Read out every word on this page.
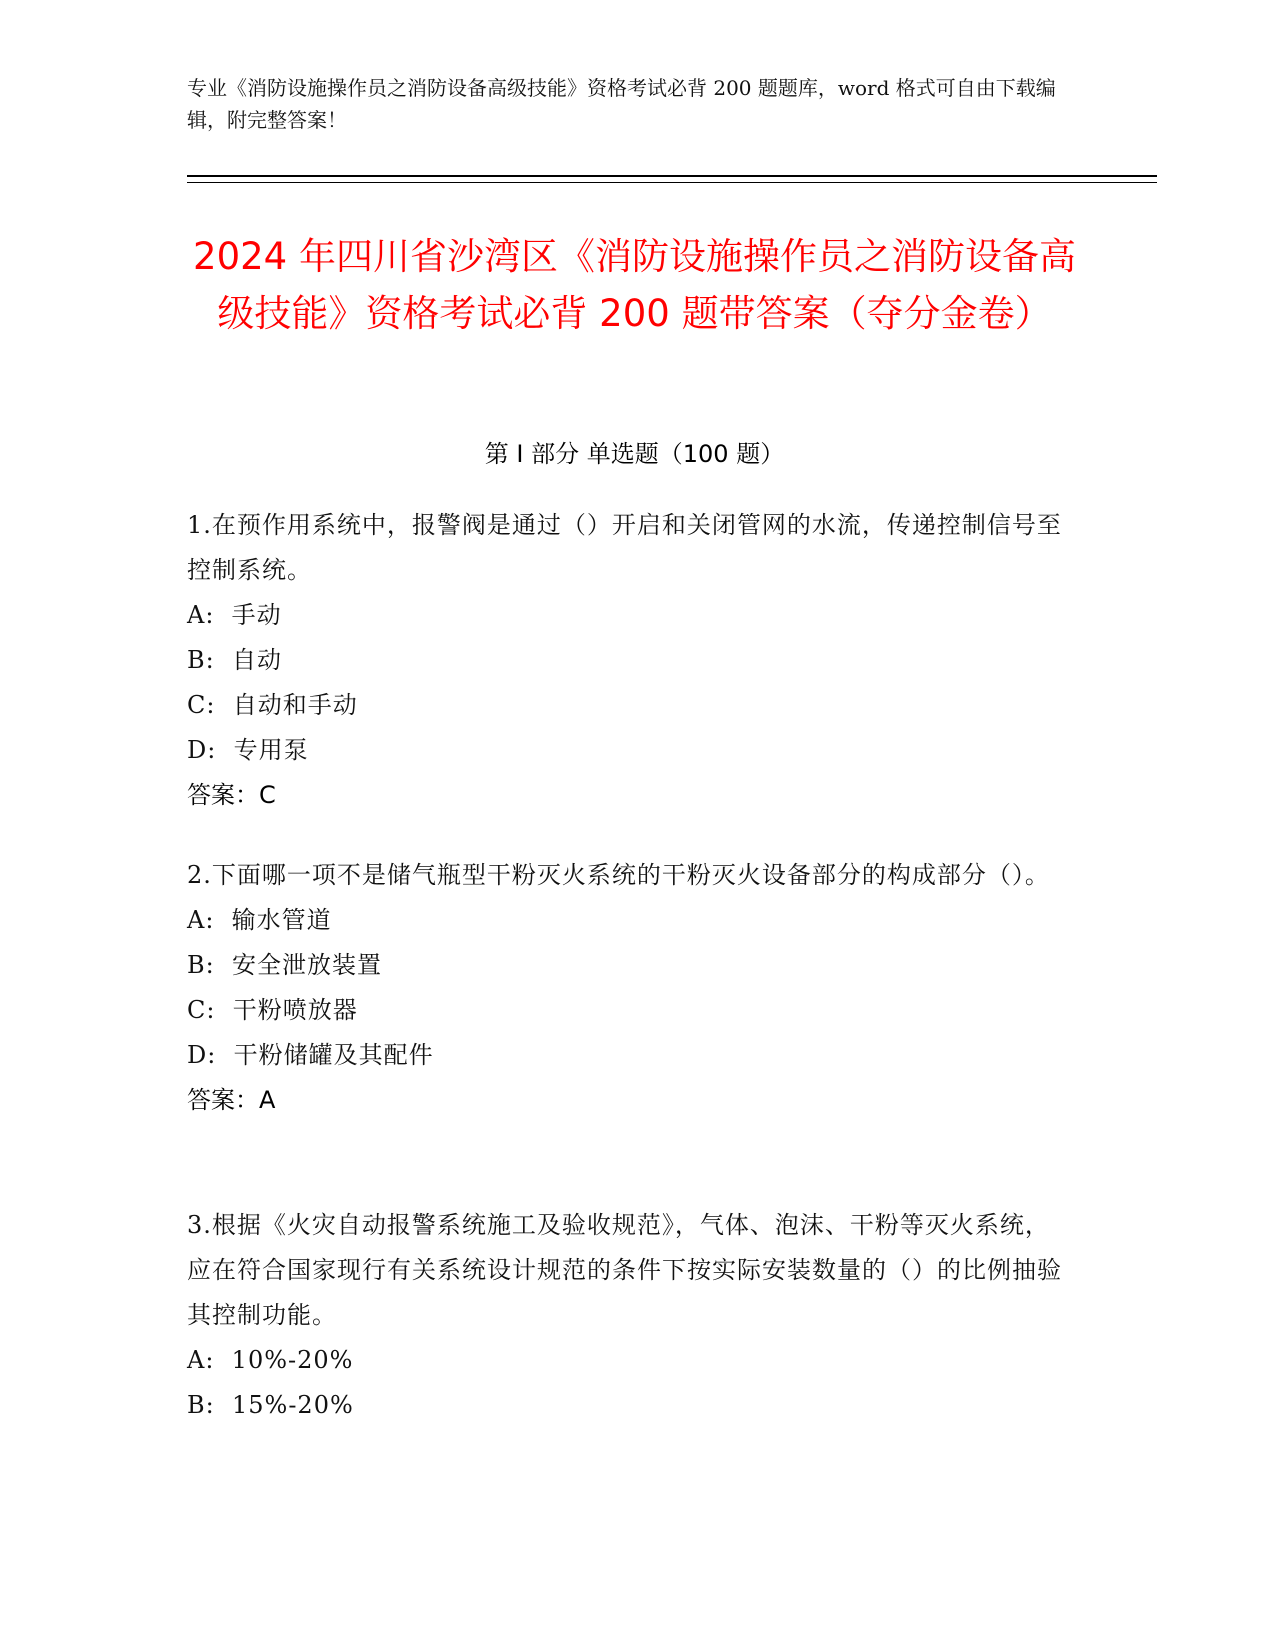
专业《消防设施操作员之消防设备高级技能》资格考试必背 200 题题库，word 格式可自由下载编辑，附完整答案！
2024 年四川省沙湾区《消防设施操作员之消防设备高级技能》资格考试必背 200 题带答案（夺分金卷）
第 I 部分 单选题（100 题）
1.在预作用系统中，报警阀是通过（）开启和关闭管网的水流，传递控制信号至控制系统。
A:  手动
B:  自动
C:  自动和手动
D:  专用泵
答案：C
2.下面哪一项不是储气瓶型干粉灭火系统的干粉灭火设备部分的构成部分（）。
A:  输水管道
B:  安全泄放装置
C:  干粉喷放器
D:  干粉储罐及其配件
答案：A
3.根据《火灾自动报警系统施工及验收规范》，气体、泡沫、干粉等灭火系统，应在符合国家现行有关系统设计规范的条件下按实际安装数量的（）的比例抽验其控制功能。
A:  10%-20%
B:  15%-20%
